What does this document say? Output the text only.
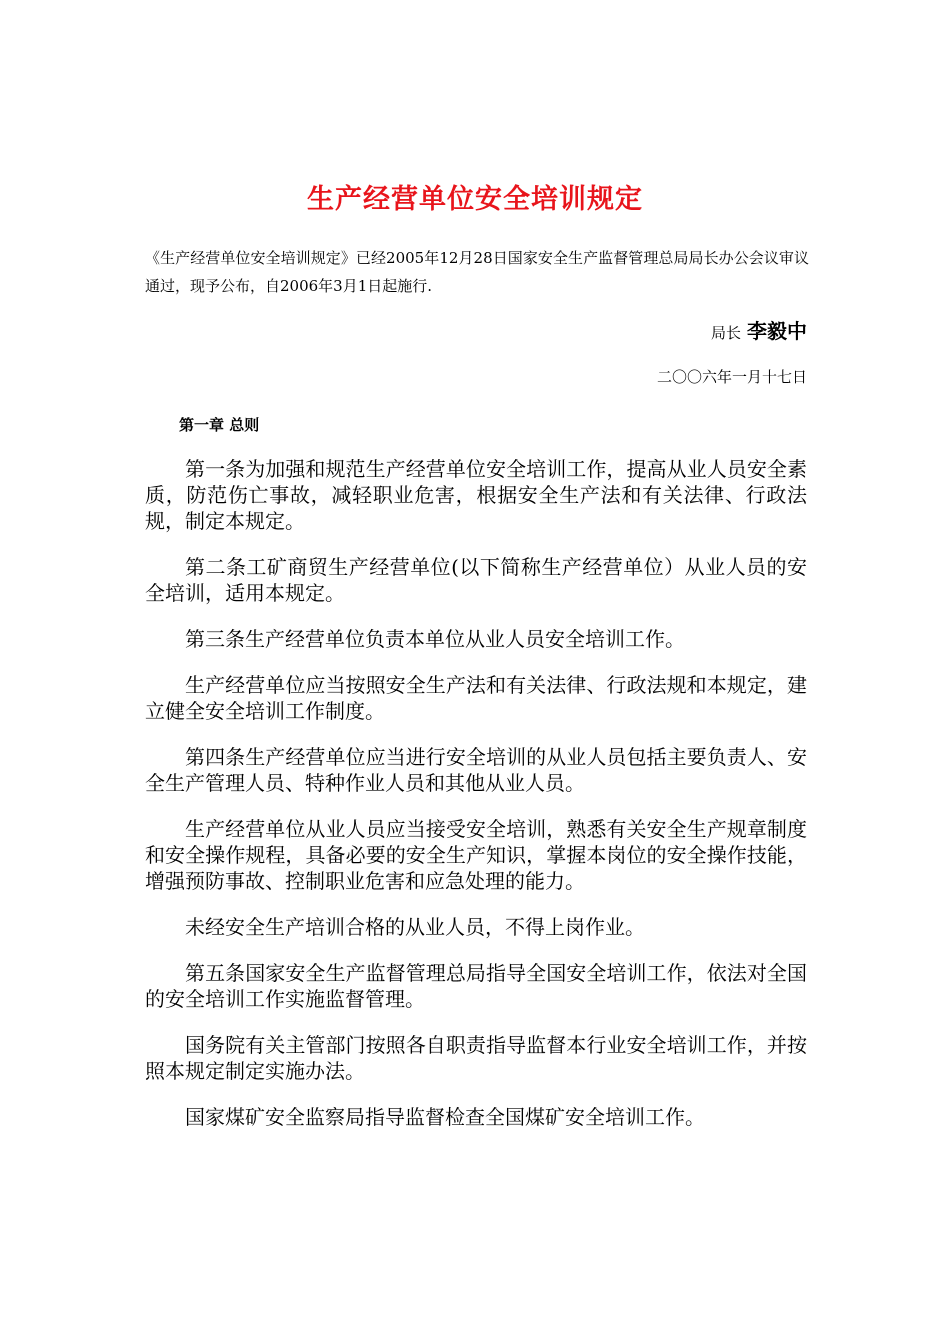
生产经营单位安全培训规定

《生产经营单位安全培训规定》已经2005年12月28日国家安全生产监督管理总局局长办公会议审议通过，现予公布，自2006年3月1日起施行.

局长 李毅中

二〇〇六年一月十七日

第一章 总则

第一条为加强和规范生产经营单位安全培训工作，提高从业人员安全素质，防范伤亡事故，减轻职业危害，根据安全生产法和有关法律、行政法规，制定本规定。

第二条工矿商贸生产经营单位(以下简称生产经营单位）从业人员的安全培训，适用本规定。

第三条生产经营单位负责本单位从业人员安全培训工作。

生产经营单位应当按照安全生产法和有关法律、行政法规和本规定，建立健全安全培训工作制度。

第四条生产经营单位应当进行安全培训的从业人员包括主要负责人、安全生产管理人员、特种作业人员和其他从业人员。

生产经营单位从业人员应当接受安全培训，熟悉有关安全生产规章制度和安全操作规程，具备必要的安全生产知识，掌握本岗位的安全操作技能，增强预防事故、控制职业危害和应急处理的能力。

未经安全生产培训合格的从业人员，不得上岗作业。

第五条国家安全生产监督管理总局指导全国安全培训工作，依法对全国的安全培训工作实施监督管理。

国务院有关主管部门按照各自职责指导监督本行业安全培训工作，并按照本规定制定实施办法。

国家煤矿安全监察局指导监督检查全国煤矿安全培训工作。
